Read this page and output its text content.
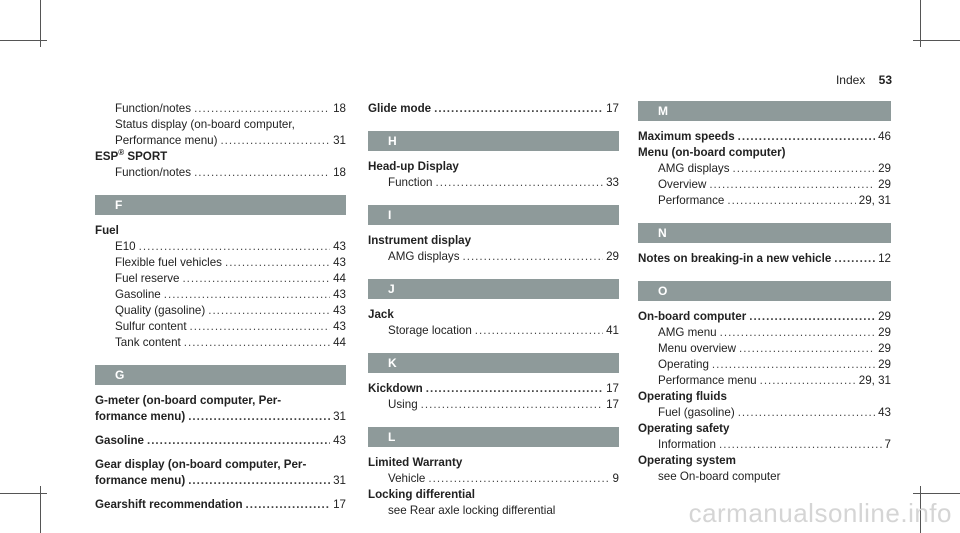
Index 53
Function/notes .....	18
Status display (on-board computer,
Performance menu) .....	31
ESP® SPORT
Function/notes .....	18
F
Fuel
E10 .....	43
Flexible fuel vehicles .....	43
Fuel reserve .....	44
Gasoline .....	43
Quality (gasoline) .....	43
Sulfur content .....	43
Tank content .....	44
G
G-meter (on-board computer, Per-
formance menu) .....	31
Gasoline .....	43
Gear display (on-board computer, Per-
formance menu) .....	31
Gearshift recommendation .....	17
Glide mode .....	17
H
Head-up Display
Function .....	33
I
Instrument display
AMG displays .....	29
J
Jack
Storage location .....	41
K
Kickdown .....	17
Using .....	17
L
Limited Warranty
Vehicle .....	9
Locking differential
see Rear axle locking differential
M
Maximum speeds .....	46
Menu (on-board computer)
AMG displays .....	29
Overview .....	29
Performance .....	29, 31
N
Notes on breaking-in a new vehicle .....	12
O
On-board computer .....	29
AMG menu .....	29
Menu overview .....	29
Operating .....	29
Performance menu .....	29, 31
Operating fluids
Fuel (gasoline) .....	43
Operating safety
Information .....	7
Operating system
see On-board computer
carmanualsonline.info
